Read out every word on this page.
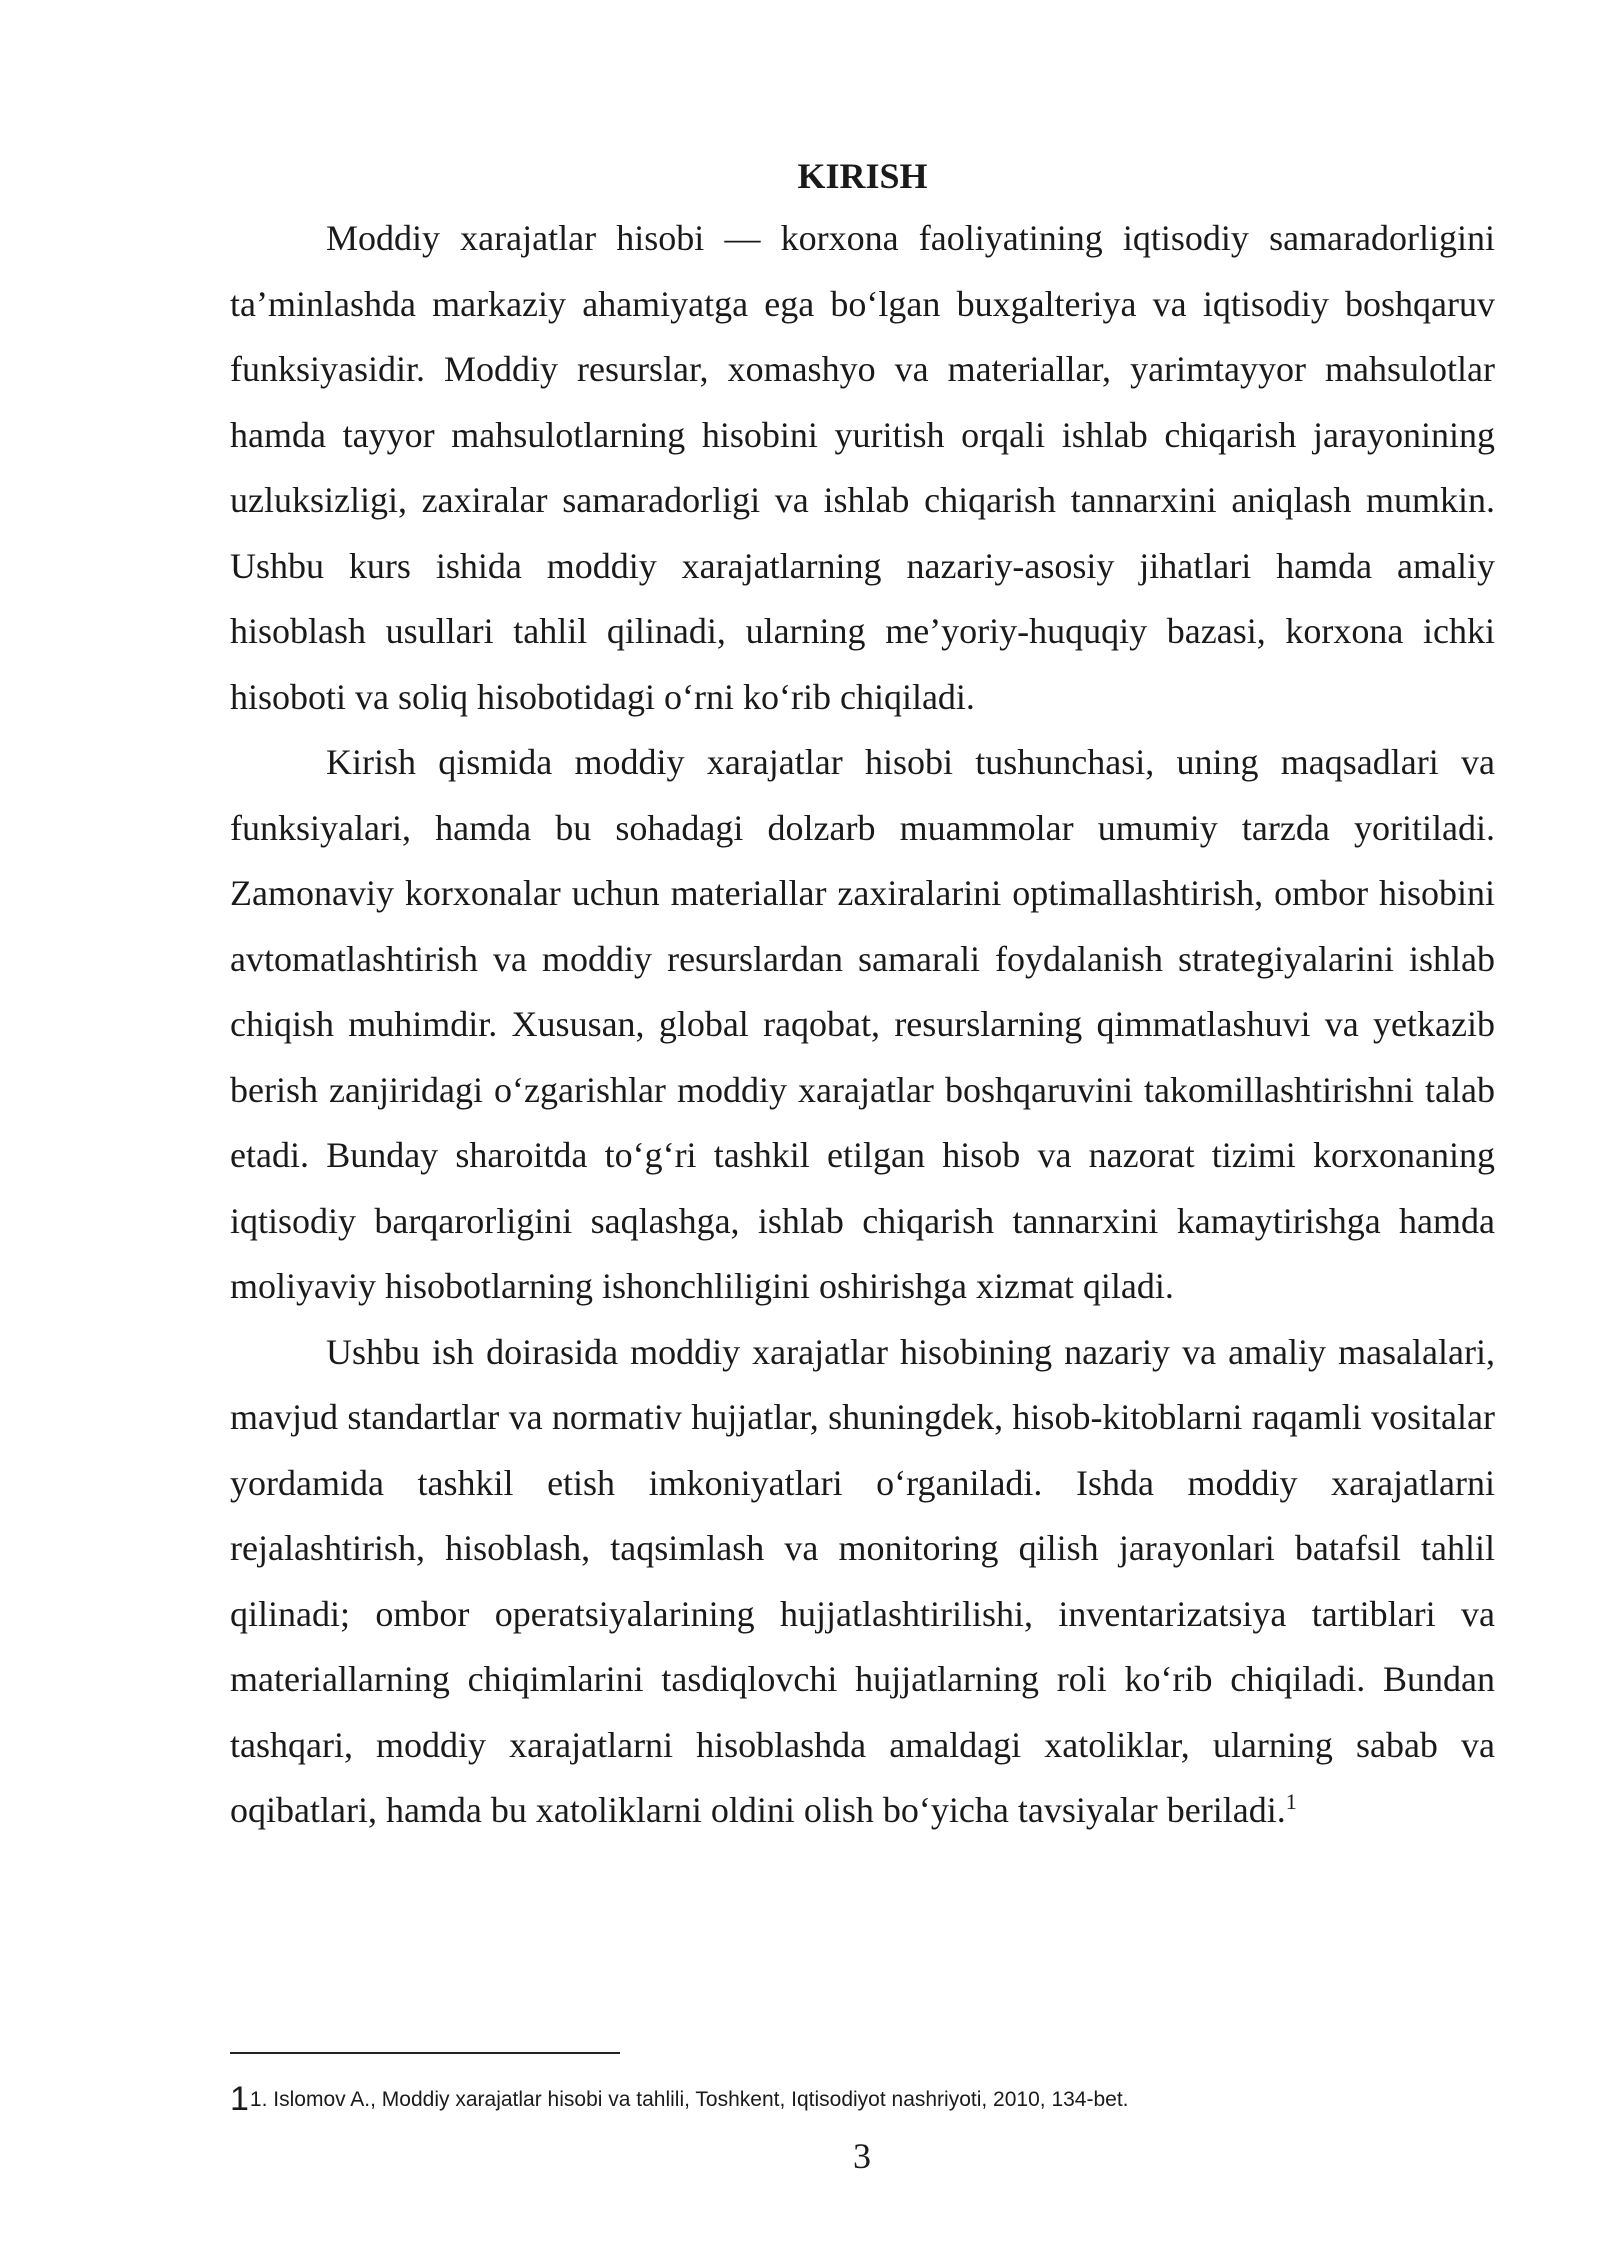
KIRISH

Moddiy xarajatlar hisobi — korxona faoliyatining iqtisodiy samaradorligini ta’minlashda markaziy ahamiyatga ega bo‘lgan buxgalteriya va iqtisodiy boshqaruv funksiyasidir. Moddiy resurslar, xomashyo va materiallar, yarimtayyor mahsulotlar hamda tayyor mahsulotlarning hisobini yuritish orqali ishlab chiqarish jarayonining uzluksizligi, zaxiralar samaradorligi va ishlab chiqarish tannarxini aniqlash mumkin. Ushbu kurs ishida moddiy xarajatlarning nazariy-asosiy jihatlari hamda amaliy hisoblash usullari tahlil qilinadi, ularning me’yoriy-huquqiy bazasi, korxona ichki hisoboti va soliq hisobotidagi o‘rni ko‘rib chiqiladi.

Kirish qismida moddiy xarajatlar hisobi tushunchasi, uning maqsadlari va funksiyalari, hamda bu sohadagi dolzarb muammolar umumiy tarzda yoritiladi. Zamonaviy korxonalar uchun materiallar zaxiralarini optimallashtirish, ombor hisobini avtomatlashtirish va moddiy resurslardan samarali foydalanish strategiyalarini ishlab chiqish muhimdir. Xususan, global raqobat, resurslarning qimmatlashuvi va yetkazib berish zanjiridagi o‘zgarishlar moddiy xarajatlar boshqaruvini takomillashtirishni talab etadi. Bunday sharoitda to‘g‘ri tashkil etilgan hisob va nazorat tizimi korxonaning iqtisodiy barqarorligini saqlashga, ishlab chiqarish tannarxini kamaytirishga hamda moliyaviy hisobotlarning ishonchliligini oshirishga xizmat qiladi.

Ushbu ish doirasida moddiy xarajatlar hisobining nazariy va amaliy masalalari, mavjud standartlar va normativ hujjatlar, shuningdek, hisob-kitoblarni raqamli vositalar yordamida tashkil etish imkoniyatlari o‘rganiladi. Ishda moddiy xarajatlarni rejalashtirish, hisoblash, taqsimlash va monitoring qilish jarayonlari batafsil tahlil qilinadi; ombor operatsiyalarining hujjatlashtirilishi, inventarizatsiya tartiblari va materiallarning chiqimlarini tasdiqlovchi hujjatlarning roli ko‘rib chiqiladi. Bundan tashqari, moddiy xarajatlarni hisoblashda amaldagi xatoliklar, ularning sabab va oqibatlari, hamda bu xatoliklarni oldini olish bo‘yicha tavsiyalar beriladi.$^1$

11. Islomov A., Moddiy xarajatlar hisobi va tahlili, Toshkent, Iqtisodiyot nashriyoti, 2010, 134-bet.
3
